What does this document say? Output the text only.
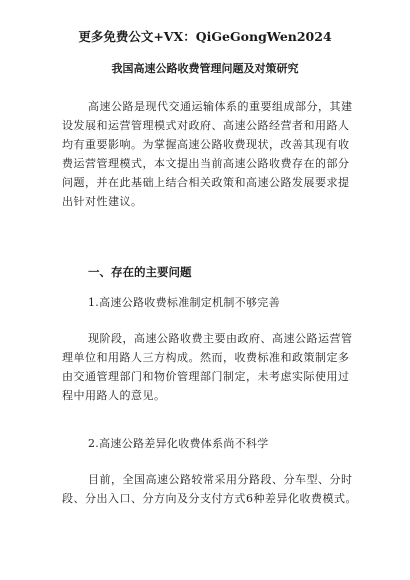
更多免费公文+VX：QiGeGongWen2024
我国高速公路收费管理问题及对策研究
高速公路是现代交通运输体系的重要组成部分，其建
设发展和运营管理模式对政府、高速公路经营者和用路人
均有重要影响。为掌握高速公路收费现状，改善其现有收
费运营管理模式，本文提出当前高速公路收费存在的部分
问题，并在此基础上结合相关政策和高速公路发展要求提
出针对性建议。
一、存在的主要问题
1.高速公路收费标准制定机制不够完善
现阶段，高速公路收费主要由政府、高速公路运营管
理单位和用路人三方构成。然而，收费标准和政策制定多
由交通管理部门和物价管理部门制定，未考虑实际使用过
程中用路人的意见。
2.高速公路差异化收费体系尚不科学
目前，全国高速公路较常采用分路段、分车型、分时
段、分出入口、分方向及分支付方式6种差异化收费模式。
